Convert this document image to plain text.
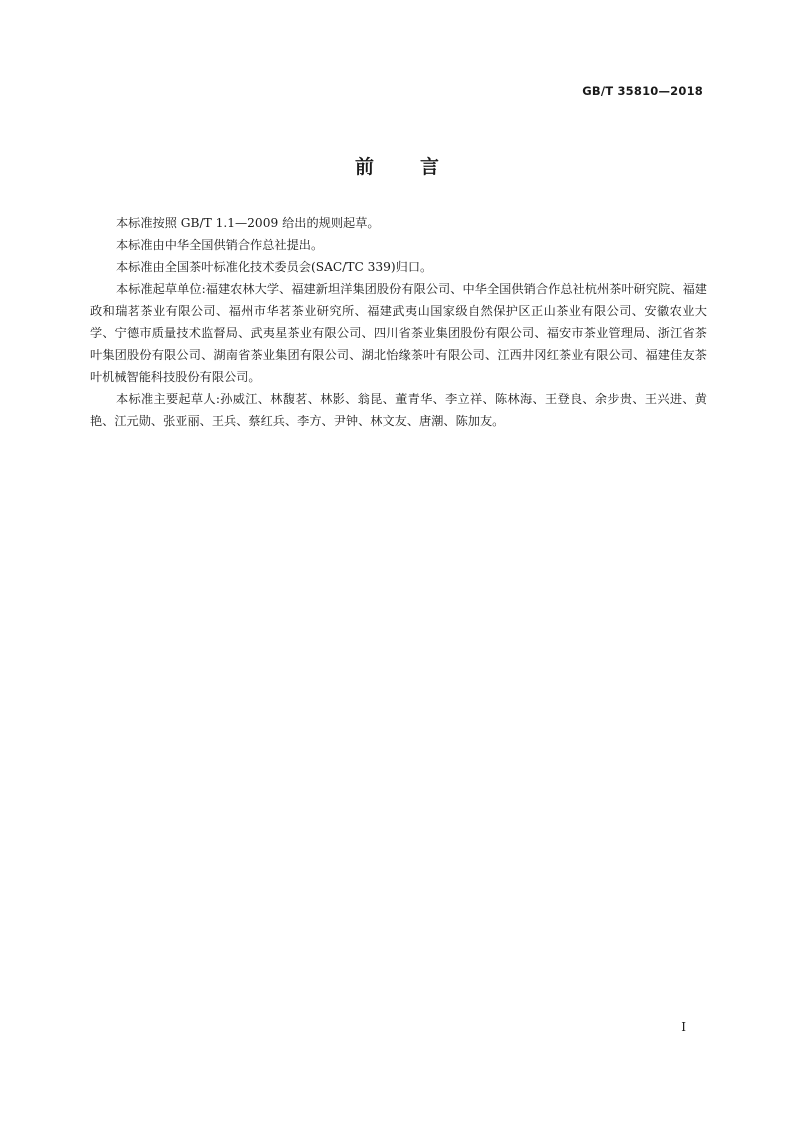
GB/T 35810—2018
前言

本标准按照 GB/T 1.1—2009 给出的规则起草。

本标准由中华全国供销合作总社提出。

本标准由全国茶叶标准化技术委员会(SAC/TC 339)归口。

本标准起草单位:福建农林大学、福建新坦洋集团股份有限公司、中华全国供销合作总社杭州茶叶研究院、福建政和瑞茗茶业有限公司、福州市华茗茶业研究所、福建武夷山国家级自然保护区正山茶业有限公司、安徽农业大学、宁德市质量技术监督局、武夷星茶业有限公司、四川省茶业集团股份有限公司、福安市茶业管理局、浙江省茶叶集团股份有限公司、湖南省茶业集团有限公司、湖北怡缘茶叶有限公司、江西井冈红茶业有限公司、福建佳友茶叶机械智能科技股份有限公司。

本标准主要起草人:孙威江、林馥茗、林影、翁昆、董青华、李立祥、陈林海、王登良、余步贵、王兴进、黄艳、江元勋、张亚丽、王兵、蔡红兵、李方、尹钟、林文友、唐潮、陈加友。

I
